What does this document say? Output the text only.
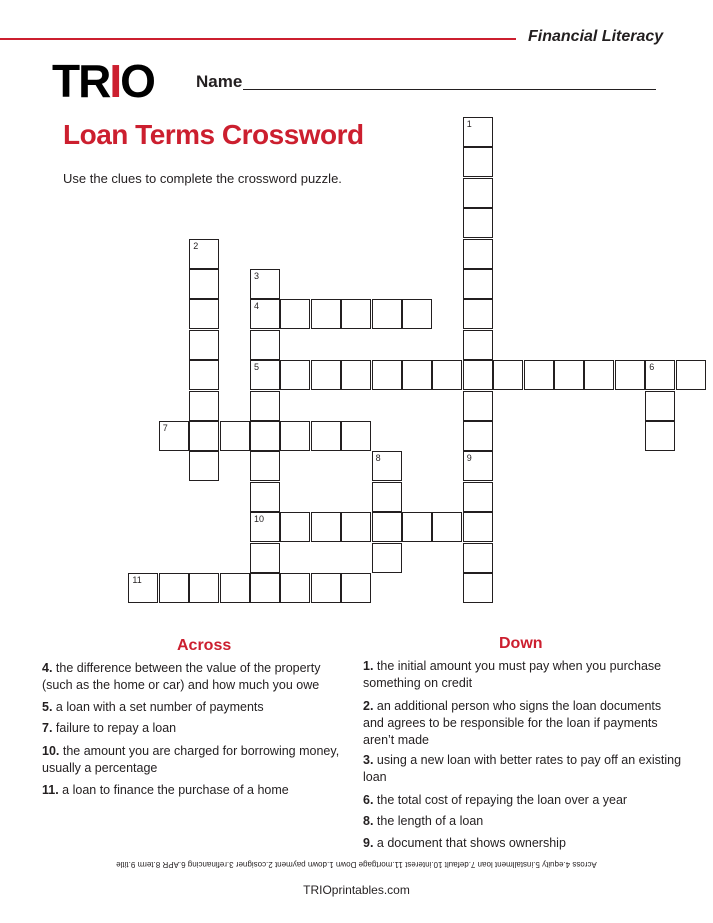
Financial Literacy
TRIO Name
Loan Terms Crossword
Use the clues to complete the crossword puzzle.
1
2
3
4
5
10
6
7
8	9
11
Across
4. the difference between the value of the property (such as the home or car) and how much you owe
5. a loan with a set number of payments
7. failure to repay a loan
10. the amount you are charged for borrowing money, usually a percentage
11. a loan to finance the purchase of a home
Down
1. the initial amount you must pay when you purchase something on credit
2. an additional person who signs the loan documents and agrees to be responsible for the loan if payments aren’t made
3. using a new loan with better rates to pay off an existing loan
6. the total cost of repaying the loan over a year
8. the length of a loan
9. a document that shows ownership
Across 4.equity 5.installment loan 7.default 10.interest 11.mortgage Down 1.down payment 2.cosigner 3.refinancing 6.APR 8.term 9.title
TRIOprintables.com
